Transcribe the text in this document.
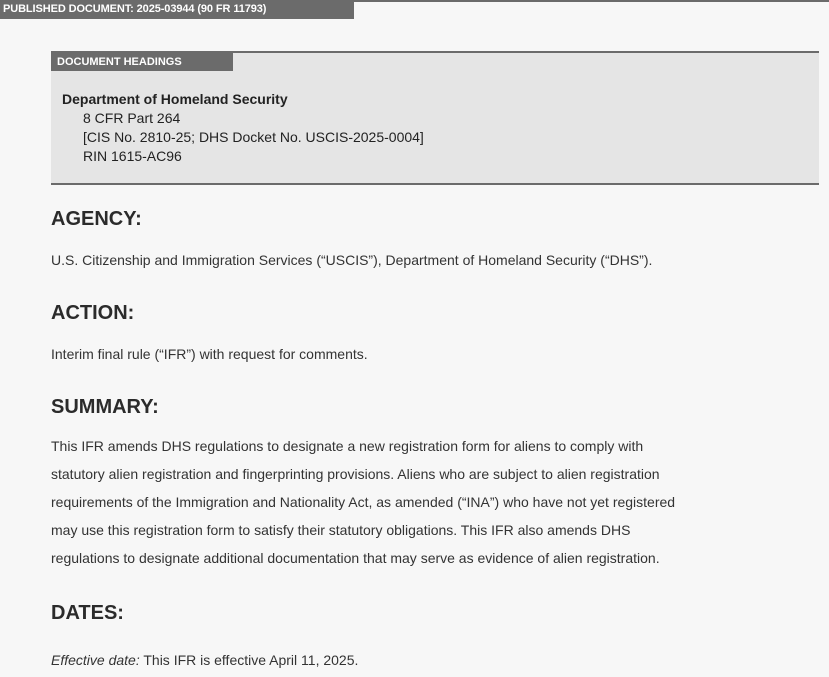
PUBLISHED DOCUMENT: 2025-03944 (90 FR 11793)
DOCUMENT HEADINGS
Department of Homeland Security
8 CFR Part 264
[CIS No. 2810-25; DHS Docket No. USCIS-2025-0004]
RIN 1615-AC96
AGENCY:
U.S. Citizenship and Immigration Services (“USCIS”), Department of Homeland Security (“DHS”).
ACTION:
Interim final rule (“IFR”) with request for comments.
SUMMARY:
This IFR amends DHS regulations to designate a new registration form for aliens to comply with
statutory alien registration and fingerprinting provisions. Aliens who are subject to alien registration
requirements of the Immigration and Nationality Act, as amended (“INA”) who have not yet registered
may use this registration form to satisfy their statutory obligations. This IFR also amends DHS
regulations to designate additional documentation that may serve as evidence of alien registration.
DATES:
Effective date: This IFR is effective April 11, 2025.
